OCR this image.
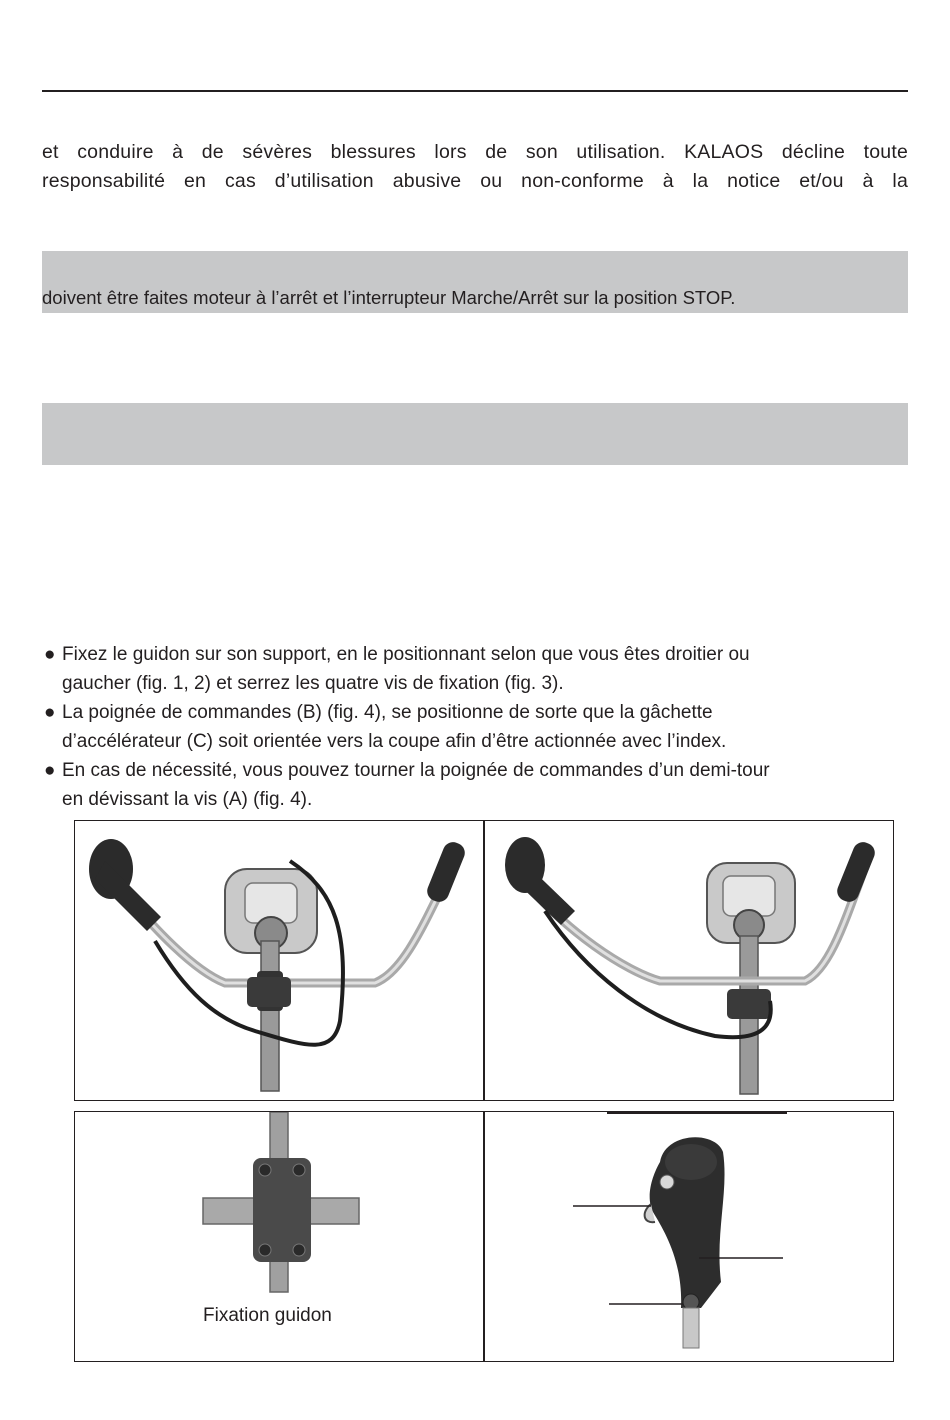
et conduire à de sévères blessures lors de son utilisation. KALAOS décline toute
responsabilité en cas d’utilisation abusive ou non-conforme à la notice et/ou à la
doivent être faites moteur à l’arrêt et l’interrupteur Marche/Arrêt sur la position STOP.
● Fixez le guidon sur son support, en le positionnant selon que vous êtes droitier ou
gaucher (fig. 1, 2) et serrez les quatre vis de fixation (fig. 3).
● La poignée de commandes (B) (fig. 4), se positionne de sorte que la gâchette
d’accélérateur (C) soit orientée vers la coupe afin d’être actionnée avec l’index.
● En cas de nécessité, vous pouvez tourner la poignée de commandes d’un demi-tour
en dévissant la vis (A) (fig. 4).
Fixation guidon
